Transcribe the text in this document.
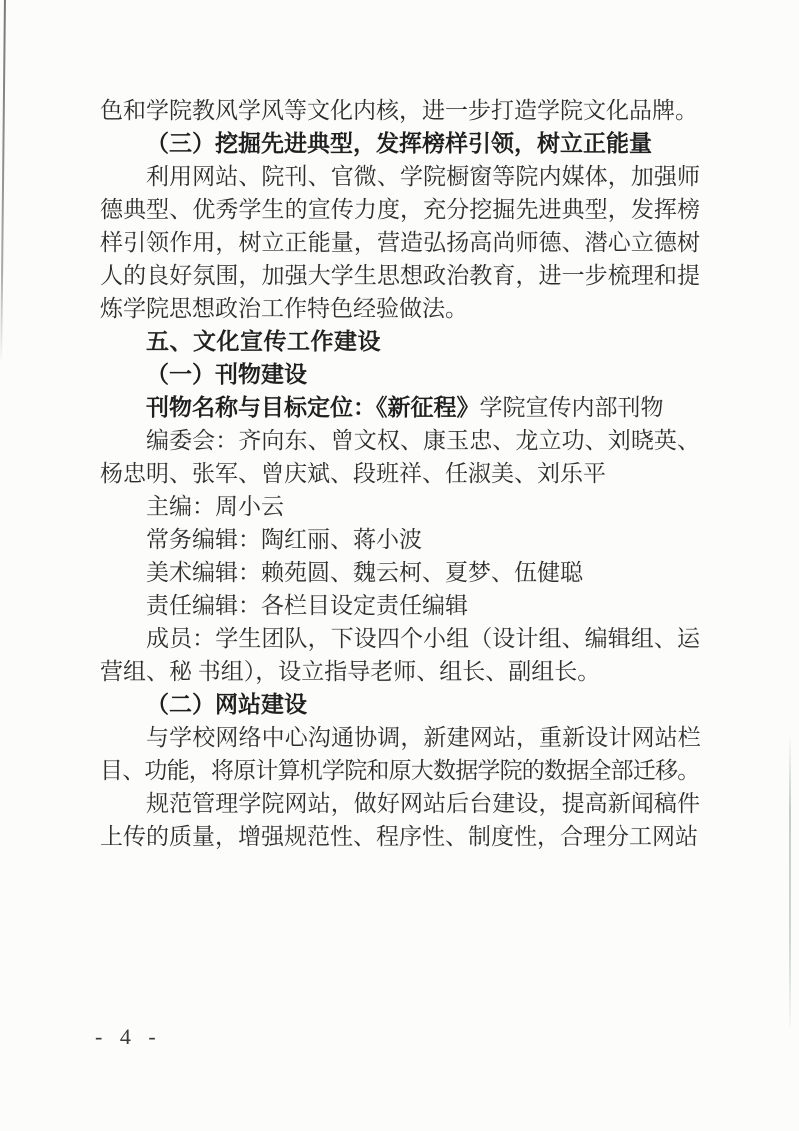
色和学院教风学风等文化内核，进一步打造学院文化品牌。

（三）挖掘先进典型，发挥榜样引领，树立正能量

利用网站、院刊、官微、学院橱窗等院内媒体，加强师德典型、优秀学生的宣传力度，充分挖掘先进典型，发挥榜样引领作用，树立正能量，营造弘扬高尚师德、潜心立德树人的良好氛围，加强大学生思想政治教育，进一步梳理和提炼学院思想政治工作特色经验做法。

五、文化宣传工作建设

（一）刊物建设

刊物名称与目标定位：《新征程》学院宣传内部刊物

编委会：齐向东、曾文权、康玉忠、龙立功、刘晓英、杨忠明、张军、曾庆斌、段班祥、任淑美、刘乐平

主编：周小云

常务编辑：陶红丽、蒋小波

美术编辑：赖苑圆、魏云柯、夏梦、伍健聪

责任编辑：各栏目设定责任编辑

成员：学生团队，下设四个小组（设计组、编辑组、运营组、秘 书组），设立指导老师、组长、副组长。

（二）网站建设

与学校网络中心沟通协调，新建网站，重新设计网站栏目、功能，将原计算机学院和原大数据学院的数据全部迁移。

规范管理学院网站，做好网站后台建设，提高新闻稿件上传的质量，增强规范性、程序性、制度性，合理分工网站

- 4 -
